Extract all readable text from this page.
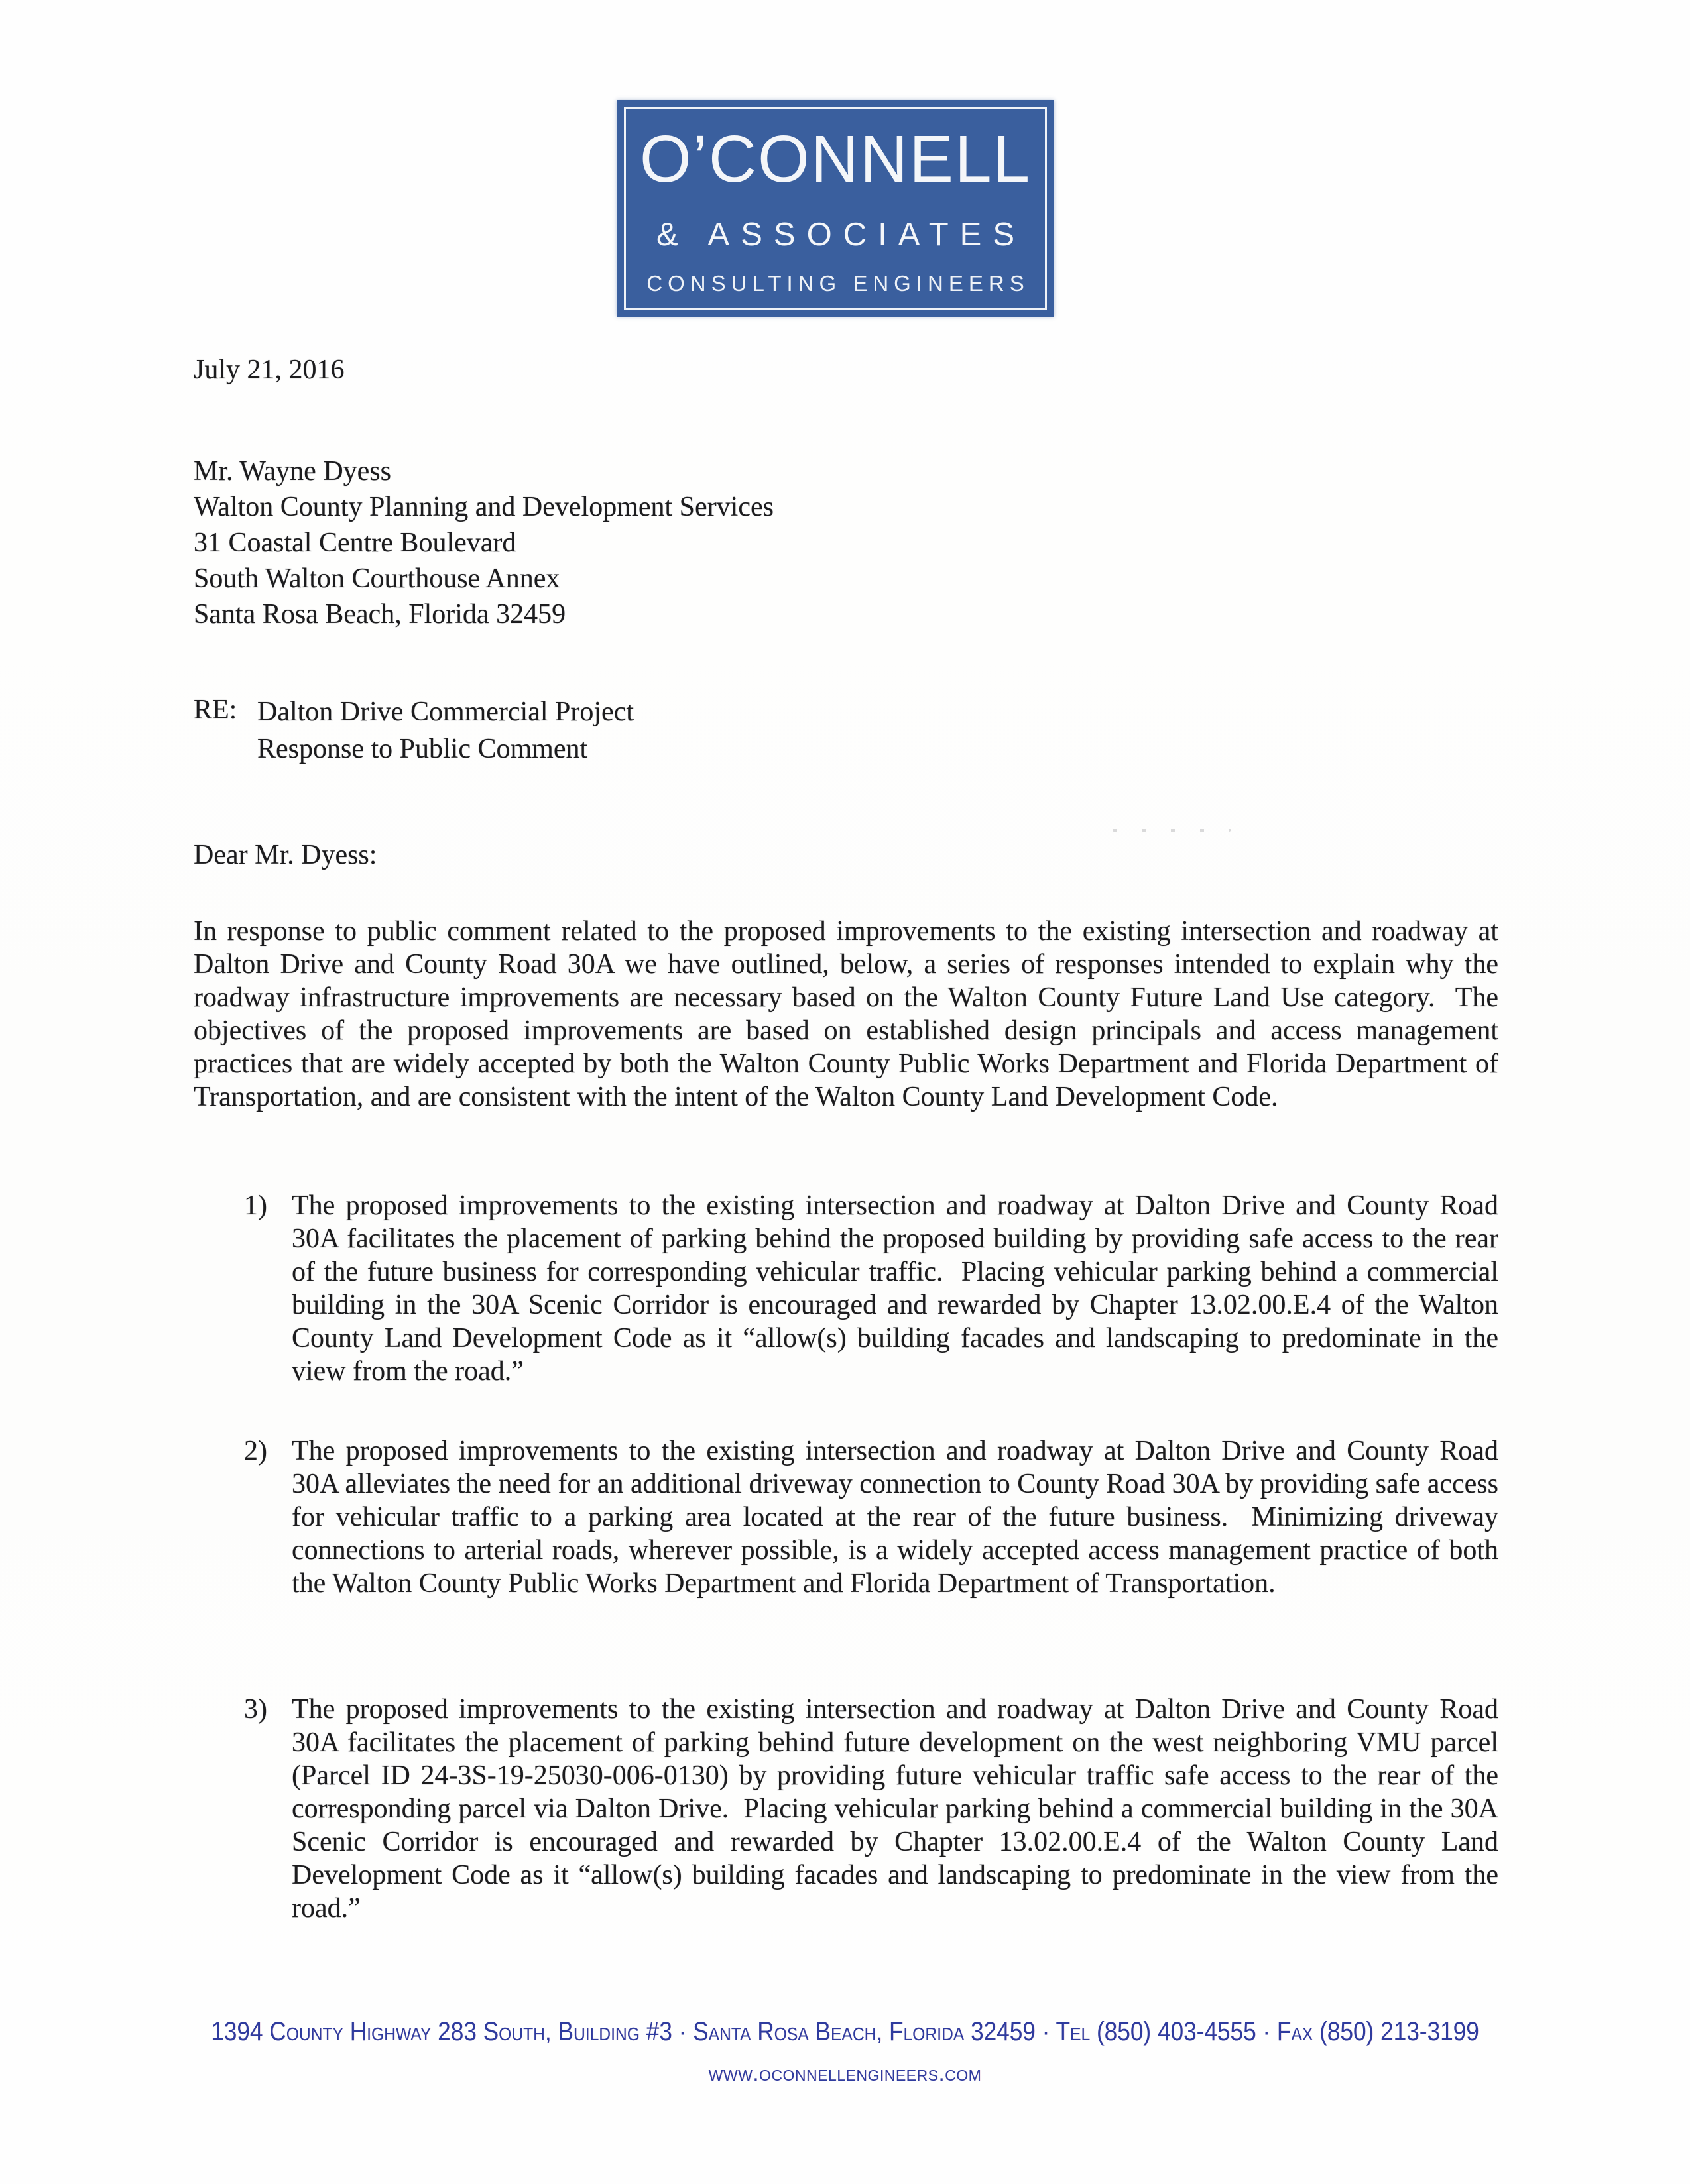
O’CONNELL
& ASSOCIATES
CONSULTING ENGINEERS
July 21, 2016
Mr. Wayne Dyess
Walton County Planning and Development Services
31 Coastal Centre Boulevard
South Walton Courthouse Annex
Santa Rosa Beach, Florida 32459
RE: Dalton Drive Commercial Project
Response to Public Comment
Dear Mr. Dyess:
In response to public comment related to the proposed improvements to the existing intersection and roadway at Dalton Drive and County Road 30A we have outlined, below, a series of responses intended to explain why the roadway infrastructure improvements are necessary based on the Walton County Future Land Use category.  The objectives of the proposed improvements are based on established design principals and access management practices that are widely accepted by both the Walton County Public Works Department and Florida Department of Transportation, and are consistent with the intent of the Walton County Land Development Code.
1) The proposed improvements to the existing intersection and roadway at Dalton Drive and County Road 30A facilitates the placement of parking behind the proposed building by providing safe access to the rear of the future business for corresponding vehicular traffic.  Placing vehicular parking behind a commercial building in the 30A Scenic Corridor is encouraged and rewarded by Chapter 13.02.00.E.4 of the Walton County Land Development Code as it “allow(s) building facades and landscaping to predominate in the view from the road.”
2) The proposed improvements to the existing intersection and roadway at Dalton Drive and County Road 30A alleviates the need for an additional driveway connection to County Road 30A by providing safe access for vehicular traffic to a parking area located at the rear of the future business.  Minimizing driveway connections to arterial roads, wherever possible, is a widely accepted access management practice of both the Walton County Public Works Department and Florida Department of Transportation.
3) The proposed improvements to the existing intersection and roadway at Dalton Drive and County Road 30A facilitates the placement of parking behind future development on the west neighboring VMU parcel (Parcel ID 24-3S-19-25030-006-0130) by providing future vehicular traffic safe access to the rear of the corresponding parcel via Dalton Drive.  Placing vehicular parking behind a commercial building in the 30A Scenic Corridor is encouraged and rewarded by Chapter 13.02.00.E.4 of the Walton County Land Development Code as it “allow(s) building facades and landscaping to predominate in the view from the road.”
1394 County Highway 283 South, Building #3 · Santa Rosa Beach, Florida 32459 · Tel (850) 403-4555 · Fax (850) 213-3199
www.oconnellengineers.com
